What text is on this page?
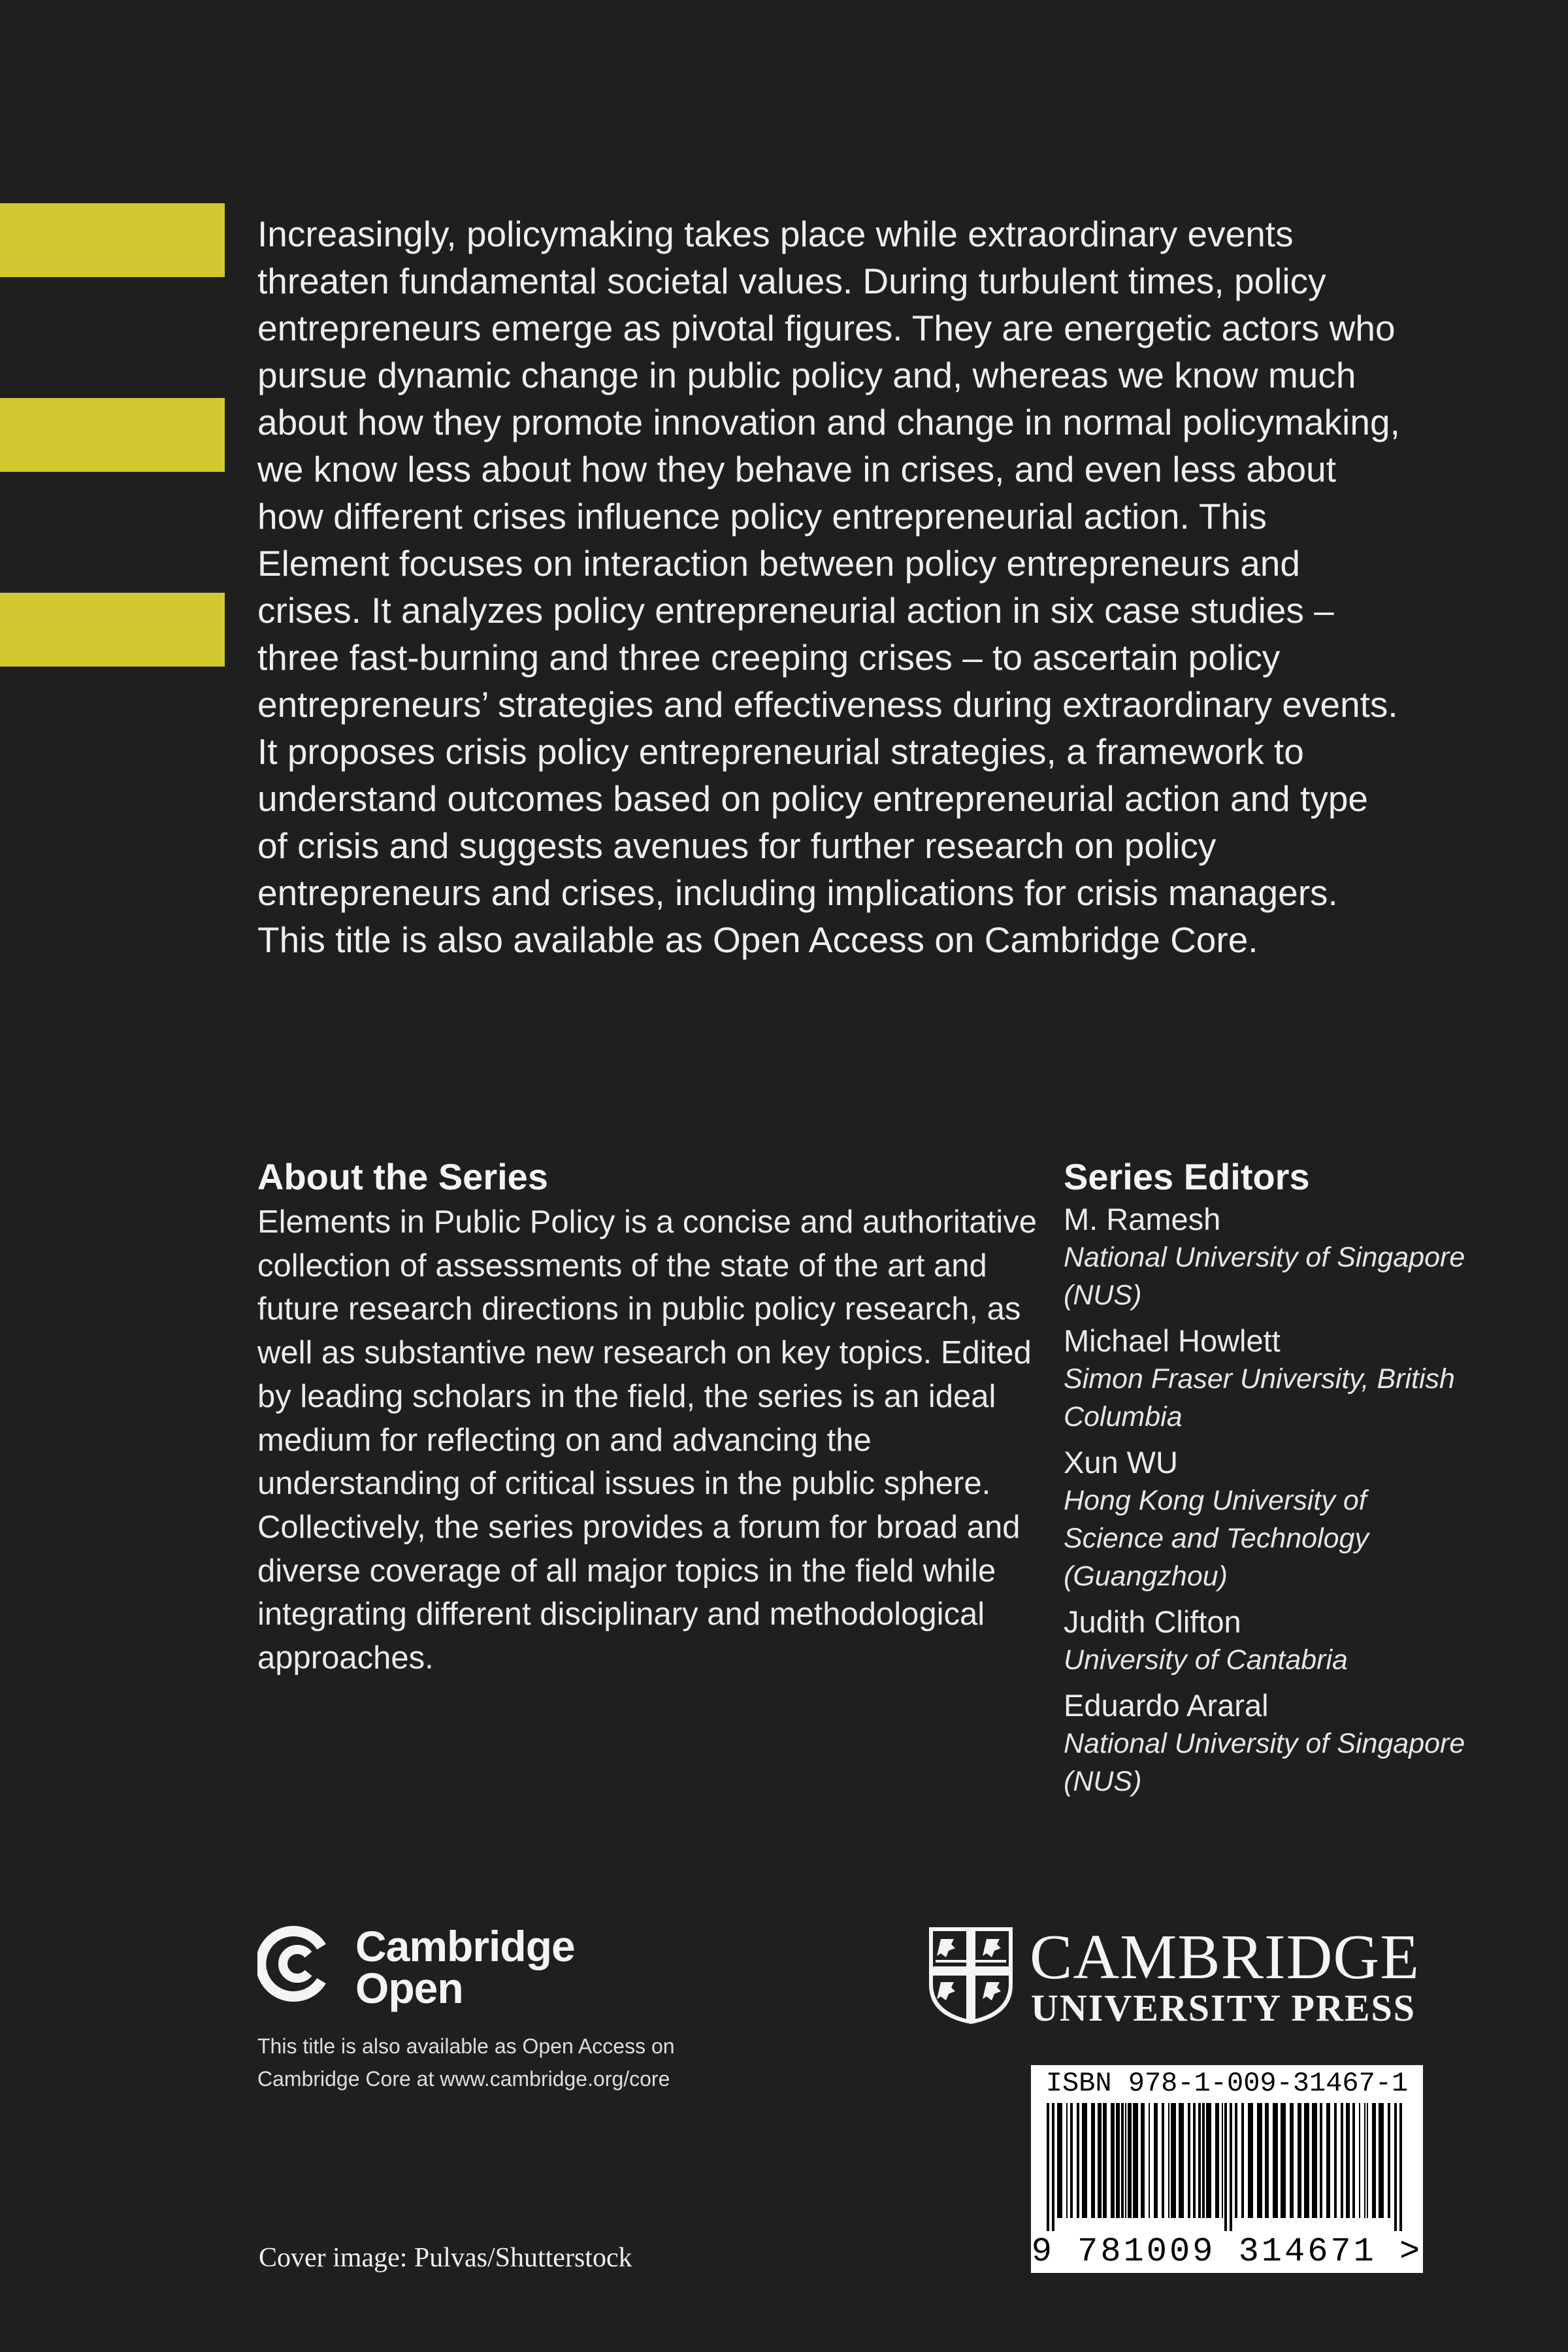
Increasingly, policymaking takes place while extraordinary events threaten fundamental societal values. During turbulent times, policy entrepreneurs emerge as pivotal figures. They are energetic actors who pursue dynamic change in public policy and, whereas we know much about how they promote innovation and change in normal policymaking, we know less about how they behave in crises, and even less about how different crises influence policy entrepreneurial action. This Element focuses on interaction between policy entrepreneurs and crises. It analyzes policy entrepreneurial action in six case studies – three fast-burning and three creeping crises – to ascertain policy entrepreneurs’ strategies and effectiveness during extraordinary events. It proposes crisis policy entrepreneurial strategies, a framework to understand outcomes based on policy entrepreneurial action and type of crisis and suggests avenues for further research on policy entrepreneurs and crises, including implications for crisis managers. This title is also available as Open Access on Cambridge Core.

About the Series

Elements in Public Policy is a concise and authoritative collection of assessments of the state of the art and future research directions in public policy research, as well as substantive new research on key topics. Edited by leading scholars in the field, the series is an ideal medium for reflecting on and advancing the understanding of critical issues in the public sphere. Collectively, the series provides a forum for broad and diverse coverage of all major topics in the field while integrating different disciplinary and methodological approaches.

Series Editors

M. Ramesh
National University of Singapore (NUS)
Michael Howlett
Simon Fraser University, British Columbia
Xun WU
Hong Kong University of Science and Technology (Guangzhou)
Judith Clifton
University of Cantabria
Eduardo Araral
National University of Singapore (NUS)
Cambridge
Open

This title is also available as Open Access on
Cambridge Core at www.cambridge.org/core

CAMBRIDGE
UNIVERSITY PRESS
ISBN 978-1-009-31467-1
9 781009 314671 >
Cover image: Pulvas/Shutterstock
